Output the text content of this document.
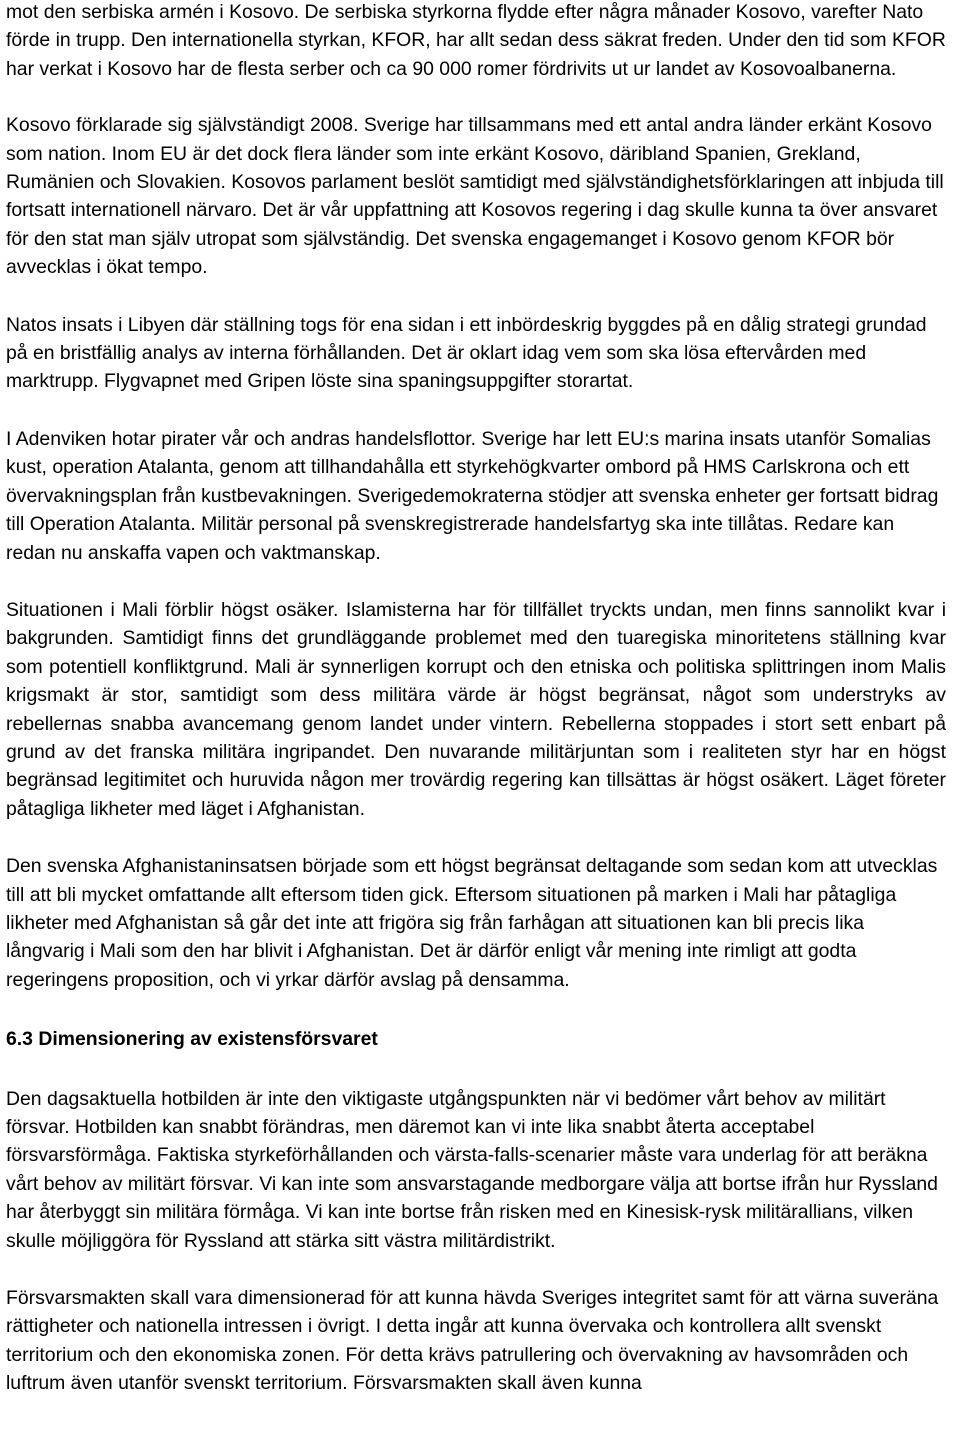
mot den serbiska armén i Kosovo. De serbiska styrkorna flydde efter några månader Kosovo, varefter Nato förde in trupp. Den internationella styrkan, KFOR, har allt sedan dess säkrat freden. Under den tid som KFOR har verkat i Kosovo har de flesta serber och ca 90 000 romer fördrivits ut ur landet av Kosovoalbanerna.

Kosovo förklarade sig självständigt 2008. Sverige har tillsammans med ett antal andra länder erkänt Kosovo som nation. Inom EU är det dock flera länder som inte erkänt Kosovo, däribland Spanien, Grekland, Rumänien och Slovakien. Kosovos parlament beslöt samtidigt med självständighetsförklaringen att inbjuda till fortsatt internationell närvaro. Det är vår uppfattning att Kosovos regering i dag skulle kunna ta över ansvaret för den stat man själv utropat som självständig. Det svenska engagemanget i Kosovo genom KFOR bör avvecklas i ökat tempo.

Natos insats i Libyen där ställning togs för ena sidan i ett inbördeskrig byggdes på en dålig strategi grundad på en bristfällig analys av interna förhållanden. Det är oklart idag vem som ska lösa eftervården med marktrupp. Flygvapnet med Gripen löste sina spaningsuppgifter storartat.

I Adenviken hotar pirater vår och andras handelsflottor. Sverige har lett EU:s marina insats utanför Somalias kust, operation Atalanta, genom att tillhandahålla ett styrkehögkvarter ombord på HMS Carlskrona och ett övervakningsplan från kustbevakningen. Sverigedemokraterna stödjer att svenska enheter ger fortsatt bidrag till Operation Atalanta. Militär personal på svenskregistrerade handelsfartyg ska inte tillåtas. Redare kan redan nu anskaffa vapen och vaktmanskap.

Situationen i Mali förblir högst osäker. Islamisterna har för tillfället tryckts undan, men finns sannolikt kvar i bakgrunden. Samtidigt finns det grundläggande problemet med den tuaregiska minoritetens ställning kvar som potentiell konfliktgrund. Mali är synnerligen korrupt och den etniska och politiska splittringen inom Malis krigsmakt är stor, samtidigt som dess militära värde är högst begränsat, något som understryks av rebellernas snabba avancemang genom landet under vintern. Rebellerna stoppades i stort sett enbart på grund av det franska militära ingripandet. Den nuvarande militärjuntan som i realiteten styr har en högst begränsad legitimitet och huruvida någon mer trovärdig regering kan tillsättas är högst osäkert. Läget företer påtagliga likheter med läget i Afghanistan.

Den svenska Afghanistaninsatsen började som ett högst begränsat deltagande som sedan kom att utvecklas till att bli mycket omfattande allt eftersom tiden gick. Eftersom situationen på marken i Mali har påtagliga likheter med Afghanistan så går det inte att frigöra sig från farhågan att situationen kan bli precis lika långvarig i Mali som den har blivit i Afghanistan. Det är därför enligt vår mening inte rimligt att godta regeringens proposition, och vi yrkar därför avslag på densamma.

6.3 Dimensionering av existensförsvaret

Den dagsaktuella hotbilden är inte den viktigaste utgångspunkten när vi bedömer vårt behov av militärt försvar. Hotbilden kan snabbt förändras, men däremot kan vi inte lika snabbt återta acceptabel försvarsförmåga. Faktiska styrkeförhållanden och värsta-falls-scenarier måste vara underlag för att beräkna vårt behov av militärt försvar. Vi kan inte som ansvarstagande medborgare välja att bortse ifrån hur Ryssland har återbyggt sin militära förmåga. Vi kan inte bortse från risken med en Kinesisk-rysk militärallians, vilken skulle möjliggöra för Ryssland att stärka sitt västra militärdistrikt.

Försvarsmakten skall vara dimensionerad för att kunna hävda Sveriges integritet samt för att värna suveräna rättigheter och nationella intressen i övrigt. I detta ingår att kunna övervaka och kontrollera allt svenskt territorium och den ekonomiska zonen. För detta krävs patrullering och övervakning av havsområden och luftrum även utanför svenskt territorium. Försvarsmakten skall även kunna
